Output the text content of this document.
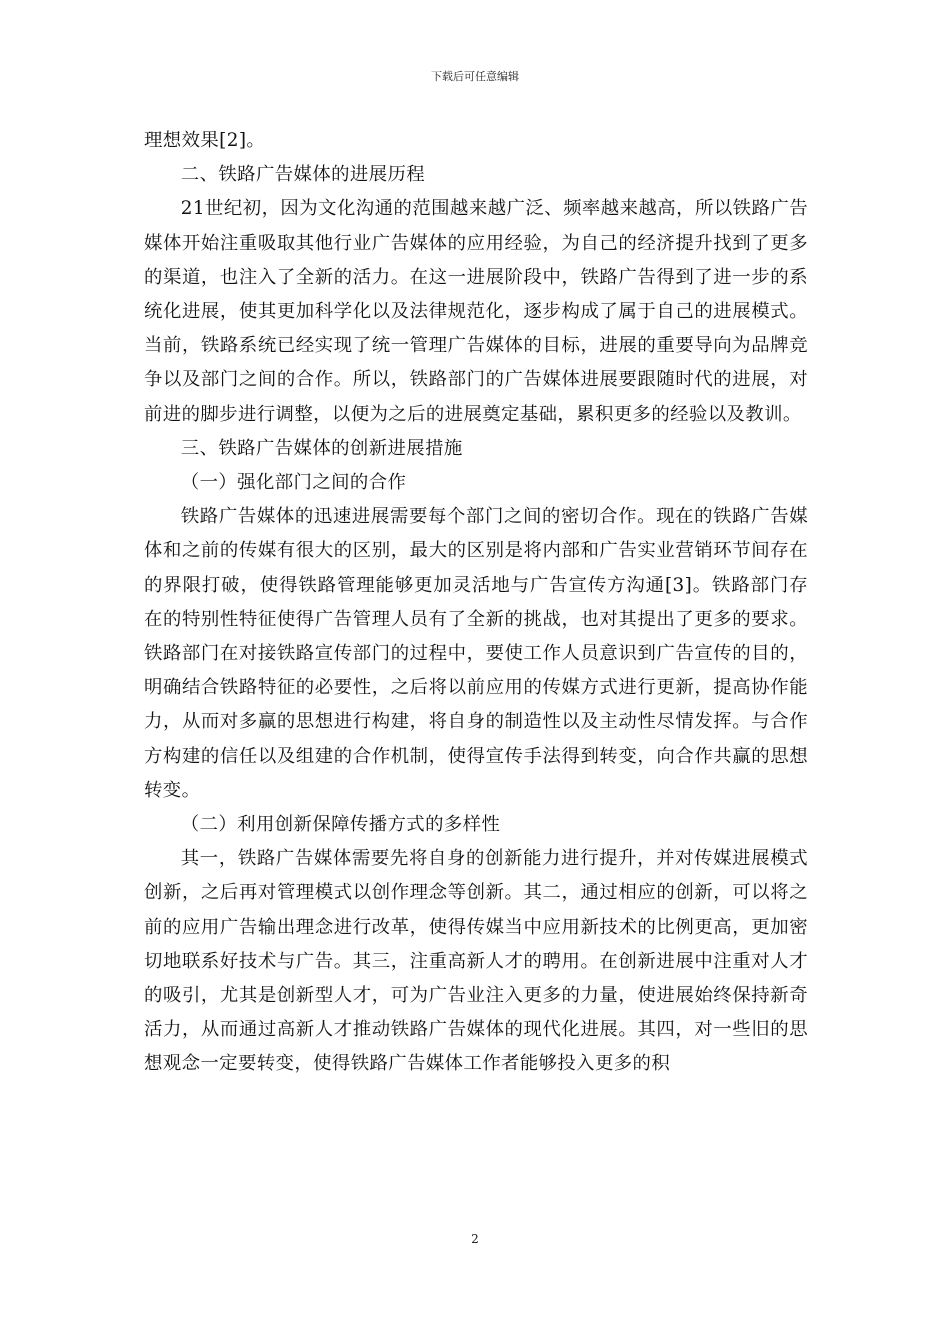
下载后可任意编辑

理想效果[2]。

二、铁路广告媒体的进展历程

21世纪初，因为文化沟通的范围越来越广泛、频率越来越高，所以铁路广告媒体开始注重吸取其他行业广告媒体的应用经验，为自己的经济提升找到了更多的渠道，也注入了全新的活力。在这一进展阶段中，铁路广告得到了进一步的系统化进展，使其更加科学化以及法律规范化，逐步构成了属于自己的进展模式。当前，铁路系统已经实现了统一管理广告媒体的目标，进展的重要导向为品牌竞争以及部门之间的合作。所以，铁路部门的广告媒体进展要跟随时代的进展，对前进的脚步进行调整，以便为之后的进展奠定基础，累积更多的经验以及教训。

三、铁路广告媒体的创新进展措施

（一）强化部门之间的合作

铁路广告媒体的迅速进展需要每个部门之间的密切合作。现在的铁路广告媒体和之前的传媒有很大的区别，最大的区别是将内部和广告实业营销环节间存在的界限打破，使得铁路管理能够更加灵活地与广告宣传方沟通[3]。铁路部门存在的特别性特征使得广告管理人员有了全新的挑战，也对其提出了更多的要求。铁路部门在对接铁路宣传部门的过程中，要使工作人员意识到广告宣传的目的，明确结合铁路特征的必要性，之后将以前应用的传媒方式进行更新，提高协作能力，从而对多赢的思想进行构建，将自身的制造性以及主动性尽情发挥。与合作方构建的信任以及组建的合作机制，使得宣传手法得到转变，向合作共赢的思想转变。

（二）利用创新保障传播方式的多样性

其一，铁路广告媒体需要先将自身的创新能力进行提升，并对传媒进展模式创新，之后再对管理模式以创作理念等创新。其二，通过相应的创新，可以将之前的应用广告输出理念进行改革，使得传媒当中应用新技术的比例更高，更加密切地联系好技术与广告。其三，注重高新人才的聘用。在创新进展中注重对人才的吸引，尤其是创新型人才，可为广告业注入更多的力量，使进展始终保持新奇活力，从而通过高新人才推动铁路广告媒体的现代化进展。其四，对一些旧的思想观念一定要转变，使得铁路广告媒体工作者能够投入更多的积

2
